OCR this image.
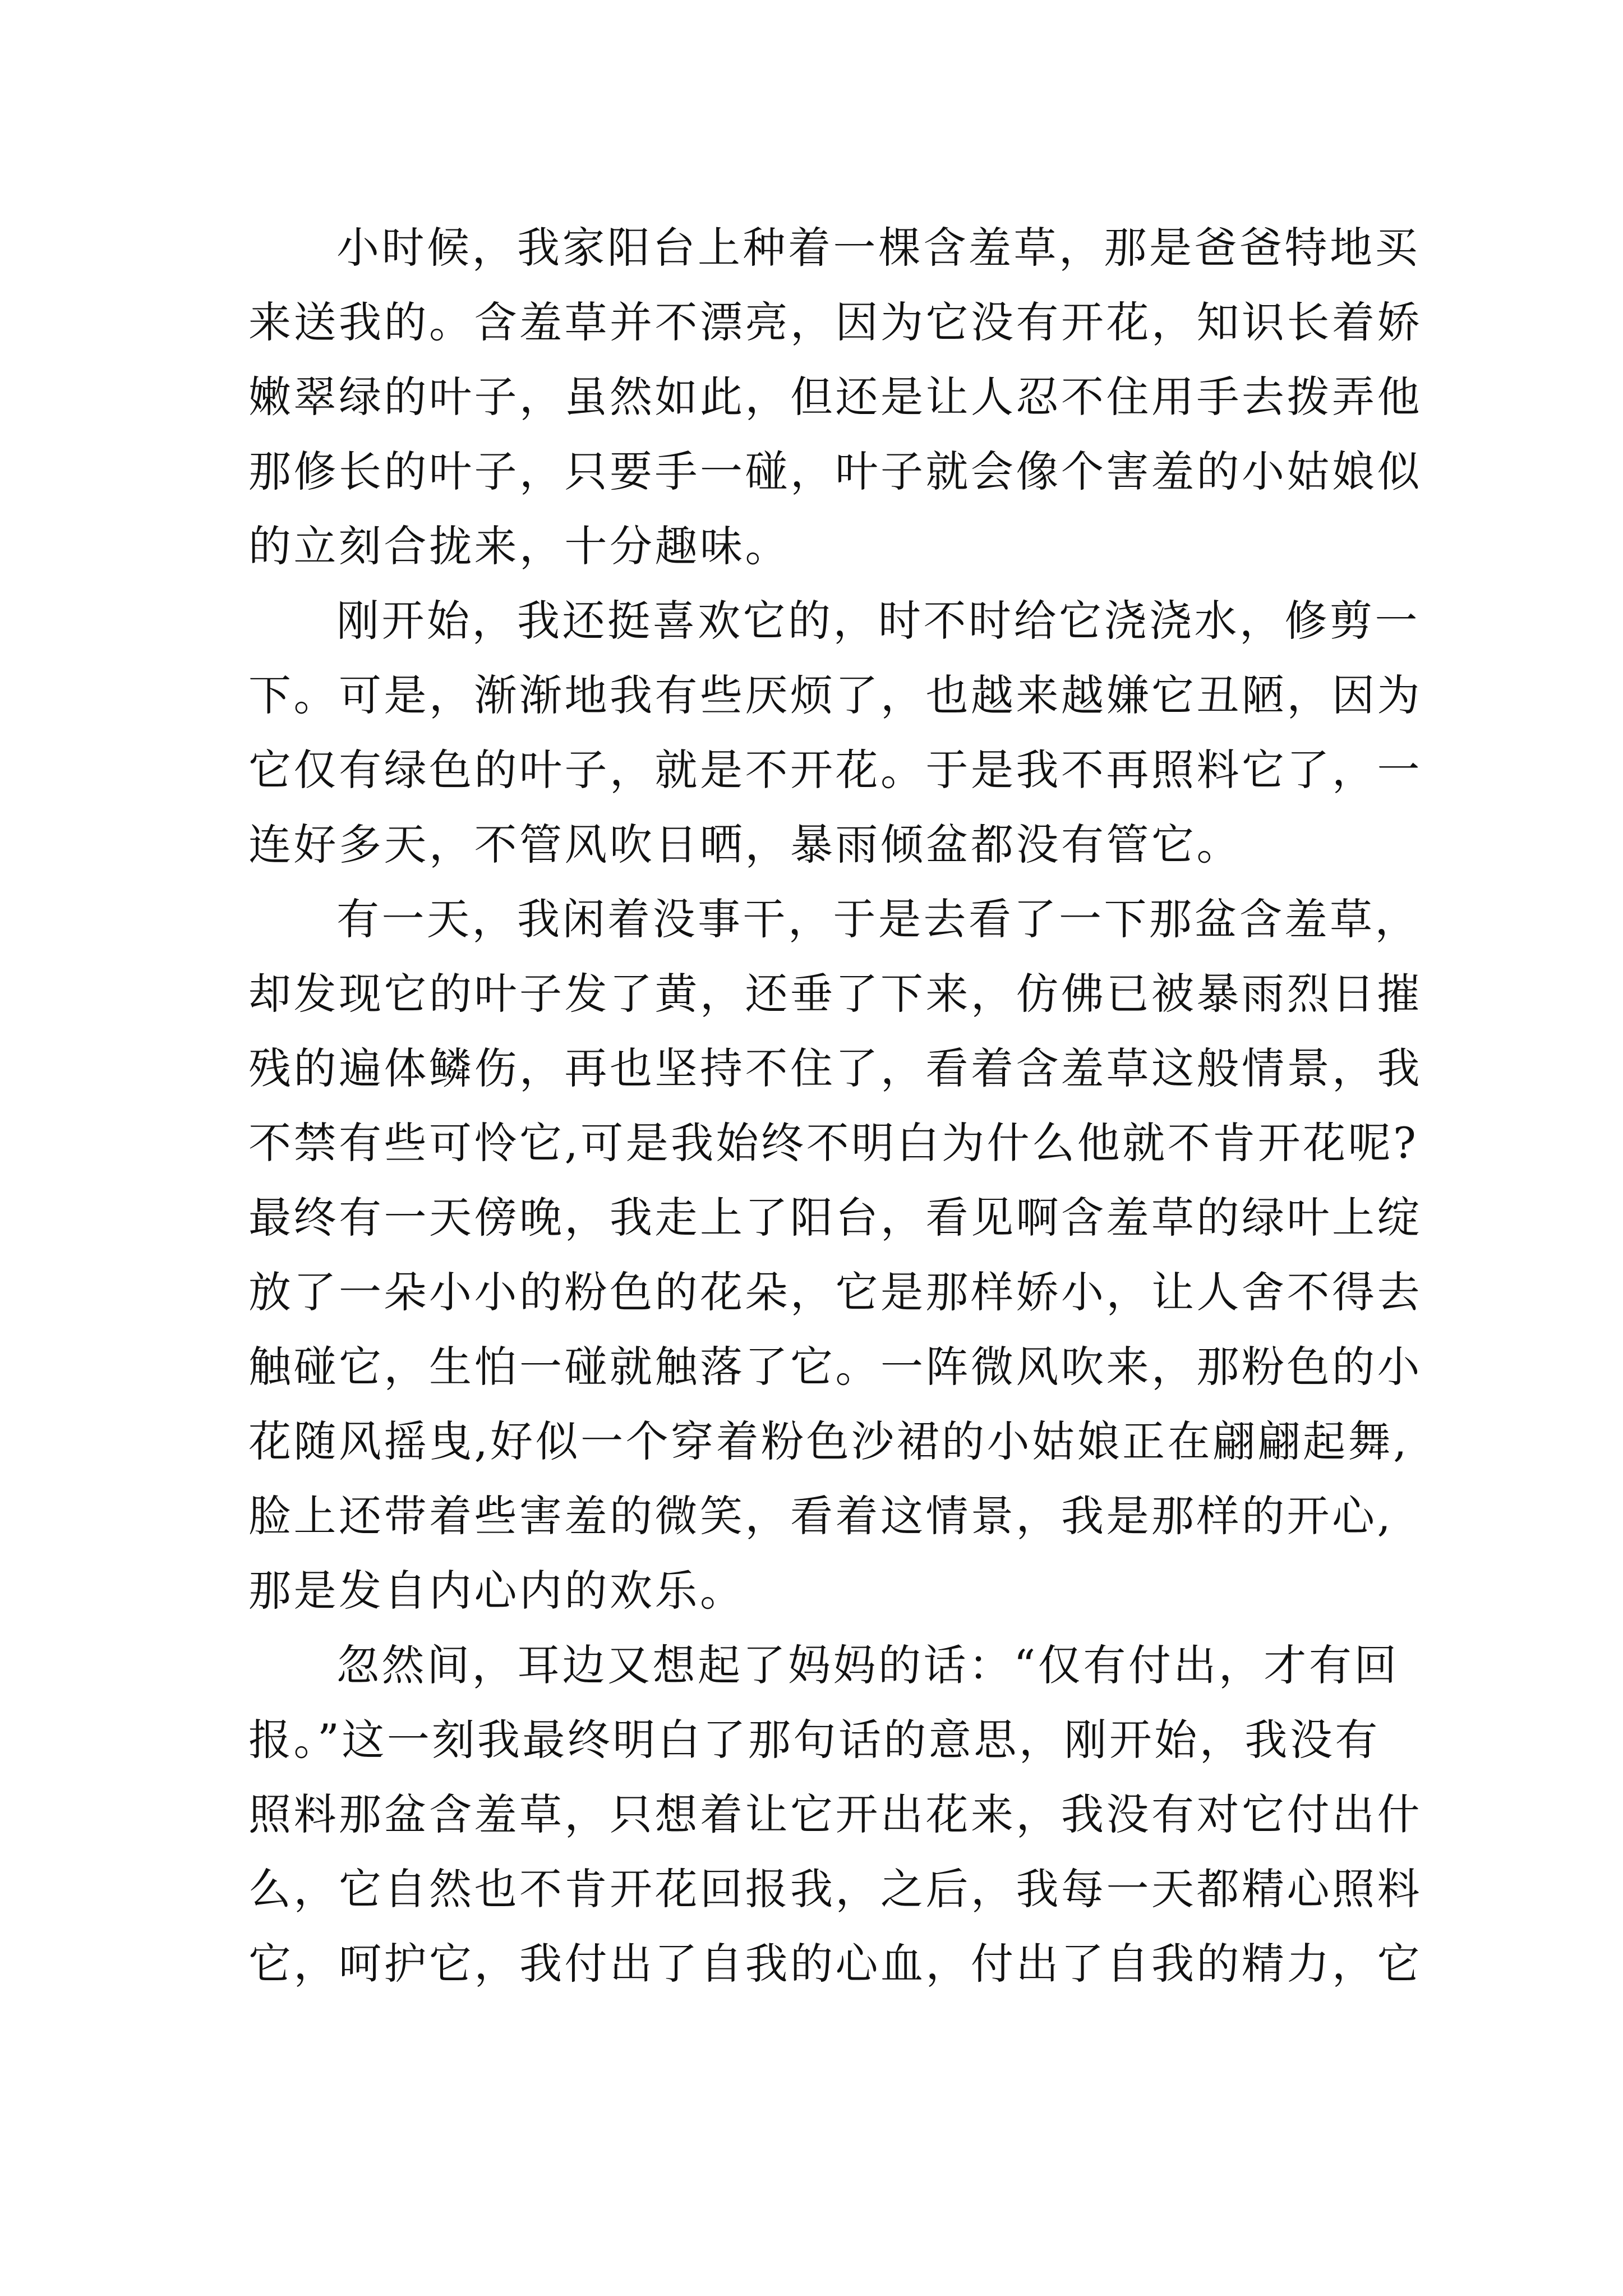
小时候，我家阳台上种着一棵含羞草，那是爸爸特地买
来送我的。含羞草并不漂亮，因为它没有开花，知识长着娇
嫩翠绿的叶子，虽然如此，但还是让人忍不住用手去拨弄他
那修长的叶子，只要手一碰，叶子就会像个害羞的小姑娘似
的立刻合拢来，十分趣味。
刚开始，我还挺喜欢它的，时不时给它浇浇水，修剪一
下。可是，渐渐地我有些厌烦了，也越来越嫌它丑陋，因为
它仅有绿色的叶子，就是不开花。于是我不再照料它了，一
连好多天，不管风吹日晒，暴雨倾盆都没有管它。
有一天，我闲着没事干，于是去看了一下那盆含羞草，
却发现它的叶子发了黄，还垂了下来，仿佛已被暴雨烈日摧
残的遍体鳞伤，再也坚持不住了，看着含羞草这般情景，我
不禁有些可怜它,可是我始终不明白为什么他就不肯开花呢?
最终有一天傍晚，我走上了阳台，看见啊含羞草的绿叶上绽
放了一朵小小的粉色的花朵，它是那样娇小，让人舍不得去
触碰它，生怕一碰就触落了它。一阵微风吹来，那粉色的小
花随风摇曳,好似一个穿着粉色沙裙的小姑娘正在翩翩起舞,
脸上还带着些害羞的微笑，看着这情景，我是那样的开心,
那是发自内心内的欢乐。
忽然间，耳边又想起了妈妈的话：“仅有付出，才有回
报。”这一刻我最终明白了那句话的意思，刚开始，我没有
照料那盆含羞草，只想着让它开出花来，我没有对它付出什
么，它自然也不肯开花回报我，之后，我每一天都精心照料
它，呵护它，我付出了自我的心血，付出了自我的精力，它
